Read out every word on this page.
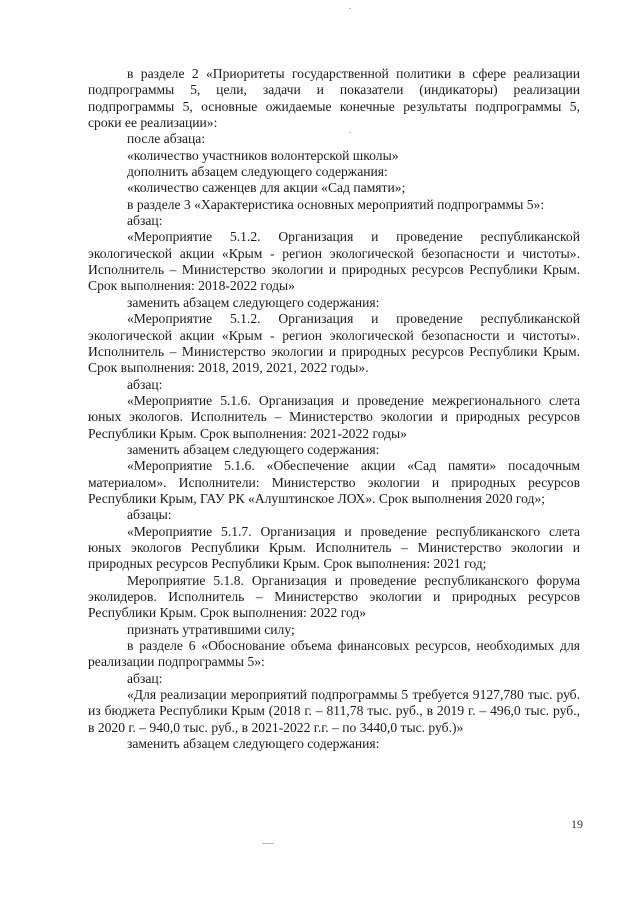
в разделе 2 «Приоритеты государственной политики в сфере реализации подпрограммы 5, цели, задачи и показатели (индикаторы) реализации подпрограммы 5, основные ожидаемые конечные результаты подпрограммы 5, сроки ее реализации»:

после абзаца:

«количество участников волонтерской школы»

дополнить абзацем следующего содержания:

«количество саженцев для акции «Сад памяти»;

в разделе 3 «Характеристика основных мероприятий подпрограммы 5»:

абзац:

«Мероприятие 5.1.2. Организация и проведение республиканской экологической акции «Крым - регион экологической безопасности и чистоты». Исполнитель – Министерство экологии и природных ресурсов Республики Крым. Срок выполнения: 2018-2022 годы»

заменить абзацем следующего содержания:

«Мероприятие 5.1.2. Организация и проведение республиканской экологической акции «Крым - регион экологической безопасности и чистоты». Исполнитель – Министерство экологии и природных ресурсов Республики Крым. Срок выполнения: 2018, 2019, 2021, 2022 годы».

абзац:

«Мероприятие 5.1.6. Организация и проведение межрегионального слета юных экологов. Исполнитель – Министерство экологии и природных ресурсов Республики Крым. Срок выполнения: 2021-2022 годы»

заменить абзацем следующего содержания:

«Мероприятие 5.1.6. «Обеспечение акции «Сад памяти» посадочным материалом». Исполнители: Министерство экологии и природных ресурсов Республики Крым, ГАУ РК «Алуштинское ЛОХ». Срок выполнения 2020 год»;

абзацы:

«Мероприятие 5.1.7. Организация и проведение республиканского слета юных экологов Республики Крым. Исполнитель – Министерство экологии и природных ресурсов Республики Крым. Срок выполнения: 2021 год;

Мероприятие 5.1.8. Организация и проведение республиканского форума эколидеров. Исполнитель – Министерство экологии и природных ресурсов Республики Крым. Срок выполнения: 2022 год»

признать утратившими силу;

в разделе 6 «Обоснование объема финансовых ресурсов, необходимых для реализации подпрограммы 5»:

абзац:

«Для реализации мероприятий подпрограммы 5 требуется 9127,780 тыс. руб. из бюджета Республики Крым (2018 г. – 811,78 тыс. руб., в 2019 г. – 496,0 тыс. руб., в 2020 г. – 940,0 тыс. руб., в 2021-2022 г.г. – по 3440,0 тыс. руб.)»

заменить абзацем следующего содержания:

19
